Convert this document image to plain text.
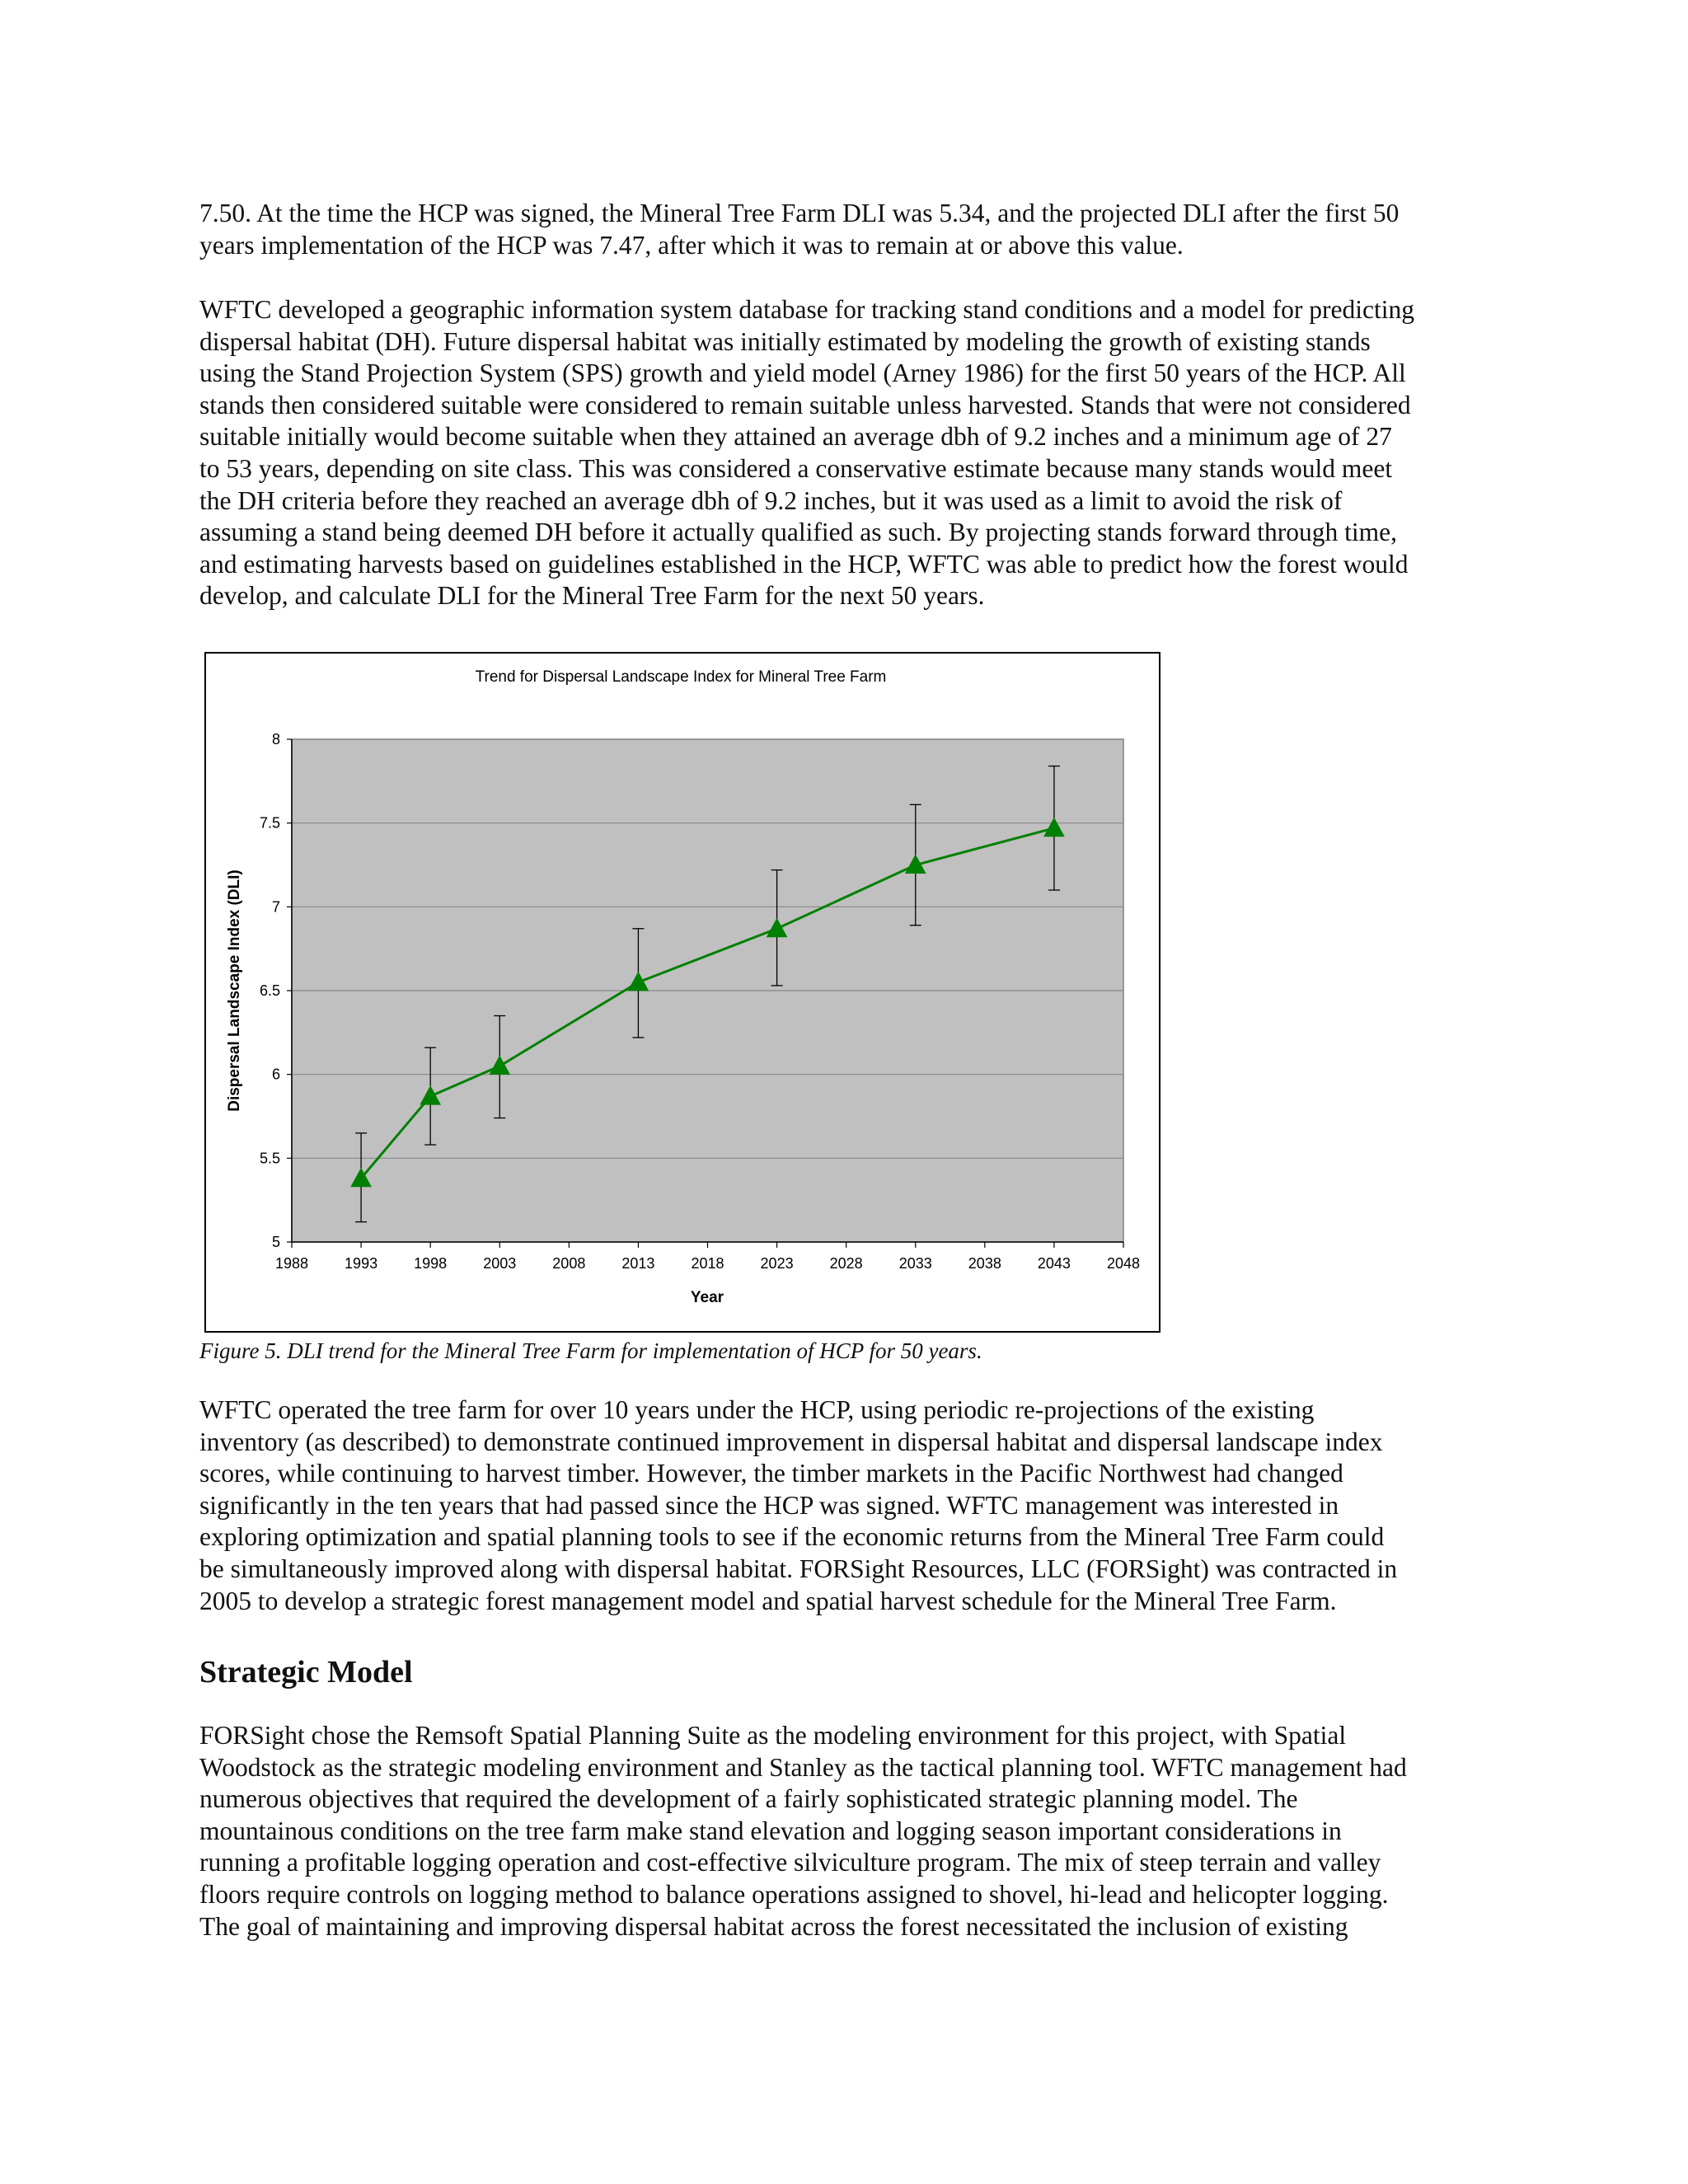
7.50. At the time the HCP was signed, the Mineral Tree Farm DLI was 5.34, and the projected DLI after the first 50
years implementation of the HCP was 7.47, after which it was to remain at or above this value.

WFTC developed a geographic information system database for tracking stand conditions and a model for predicting
dispersal habitat (DH). Future dispersal habitat was initially estimated by modeling the growth of existing stands
using the Stand Projection System (SPS) growth and yield model (Arney 1986) for the first 50 years of the HCP. All
stands then considered suitable were considered to remain suitable unless harvested. Stands that were not considered
suitable initially would become suitable when they attained an average dbh of 9.2 inches and a minimum age of 27
to 53 years, depending on site class. This was considered a conservative estimate because many stands would meet
the DH criteria before they reached an average dbh of 9.2 inches, but it was used as a limit to avoid the risk of
assuming a stand being deemed DH before it actually qualified as such. By projecting stands forward through time,
and estimating harvests based on guidelines established in the HCP, WFTC was able to predict how the forest would
develop, and calculate DLI for the Mineral Tree Farm for the next 50 years.

Trend for Dispersal Landscape Index for Mineral Tree Farm
5
5.5
6
6.5
7
7.5
8
1988 1993 1998 2003 2008 2013 2018 2023 2028 2033 2038 2043 2048
Year
Dispersal Landscape Index (DLI)

Figure 5. DLI trend for the Mineral Tree Farm for implementation of HCP for 50 years.

WFTC operated the tree farm for over 10 years under the HCP, using periodic re-projections of the existing
inventory (as described) to demonstrate continued improvement in dispersal habitat and dispersal landscape index
scores, while continuing to harvest timber. However, the timber markets in the Pacific Northwest had changed
significantly in the ten years that had passed since the HCP was signed. WFTC management was interested in
exploring optimization and spatial planning tools to see if the economic returns from the Mineral Tree Farm could
be simultaneously improved along with dispersal habitat. FORSight Resources, LLC (FORSight) was contracted in
2005 to develop a strategic forest management model and spatial harvest schedule for the Mineral Tree Farm.

Strategic Model

FORSight chose the Remsoft Spatial Planning Suite as the modeling environment for this project, with Spatial
Woodstock as the strategic modeling environment and Stanley as the tactical planning tool. WFTC management had
numerous objectives that required the development of a fairly sophisticated strategic planning model. The
mountainous conditions on the tree farm make stand elevation and logging season important considerations in
running a profitable logging operation and cost-effective silviculture program. The mix of steep terrain and valley
floors require controls on logging method to balance operations assigned to shovel, hi-lead and helicopter logging.
The goal of maintaining and improving dispersal habitat across the forest necessitated the inclusion of existing
